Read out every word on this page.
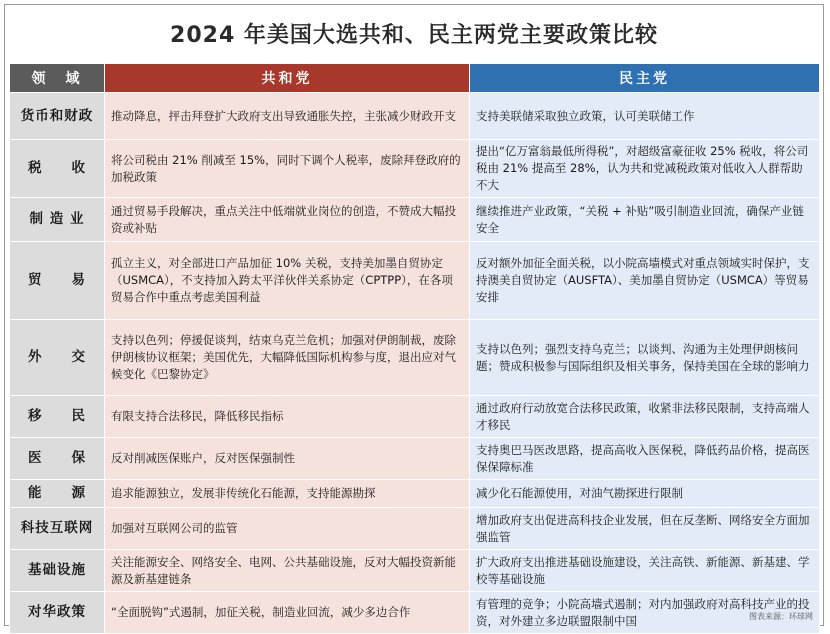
2024 年美国大选共和、民主两党主要政策比较
领　域	共和党	民主党
货币和财政	推动降息，抨击拜登扩大政府支出导致通胀失控，主张减少财政开支	支持美联储采取独立政策，认可美联储工作
税　　收	将公司税由 21% 削减至 15%，同时下调个人税率，废除拜登政府的加税政策	提出“亿万富翁最低所得税”，对超级富豪征收 25% 税收，将公司税由 21% 提高至 28%，认为共和党减税政策对低收入人群帮助不大
制 造 业	通过贸易手段解决，重点关注中低端就业岗位的创造，不赞成大幅投资或补贴	继续推进产业政策，“关税 + 补贴”吸引制造业回流，确保产业链安全
贸　　易	孤立主义，对全部进口产品加征 10% 关税，支持美加墨自贸协定（USMCA），不支持加入跨太平洋伙伴关系协定（CPTPP），在各项贸易合作中重点考虑美国利益	反对额外加征全面关税，以小院高墙模式对重点领域实时保护，支持澳美自贸协定（AUSFTA）、美加墨自贸协定（USMCA）等贸易安排
外　　交	支持以色列；停援促谈判，结束乌克兰危机；加强对伊朗制裁，废除伊朗核协议框架；美国优先，大幅降低国际机构参与度，退出应对气候变化《巴黎协定》	支持以色列；强烈支持乌克兰；以谈判、沟通为主处理伊朗核问题；赞成积极参与国际组织及相关事务，保持美国在全球的影响力
移　　民	有限支持合法移民，降低移民指标	通过政府行动放宽合法移民政策，收紧非法移民限制，支持高端人才移民
医　　保	反对削减医保账户，反对医保强制性	支持奥巴马医改思路，提高高收入医保税，降低药品价格，提高医保保障标准
能　　源	追求能源独立，发展非传统化石能源，支持能源勘探	减少化石能源使用，对油气勘探进行限制
科技互联网	加强对互联网公司的监管	增加政府支出促进高科技企业发展，但在反垄断、网络安全方面加强监管
基础设施	关注能源安全、网络安全、电网、公共基础设施，反对大幅投资新能源及新基建链条	扩大政府支出推进基础设施建设，关注高铁、新能源、新基建、学校等基础设施
对华政策	“全面脱钩”式遏制，加征关税，制造业回流，减少多边合作	有管理的竞争；小院高墙式遏制；对内加强政府对高科技产业的投资，对外建立多边联盟限制中国	图表来源：环球网
